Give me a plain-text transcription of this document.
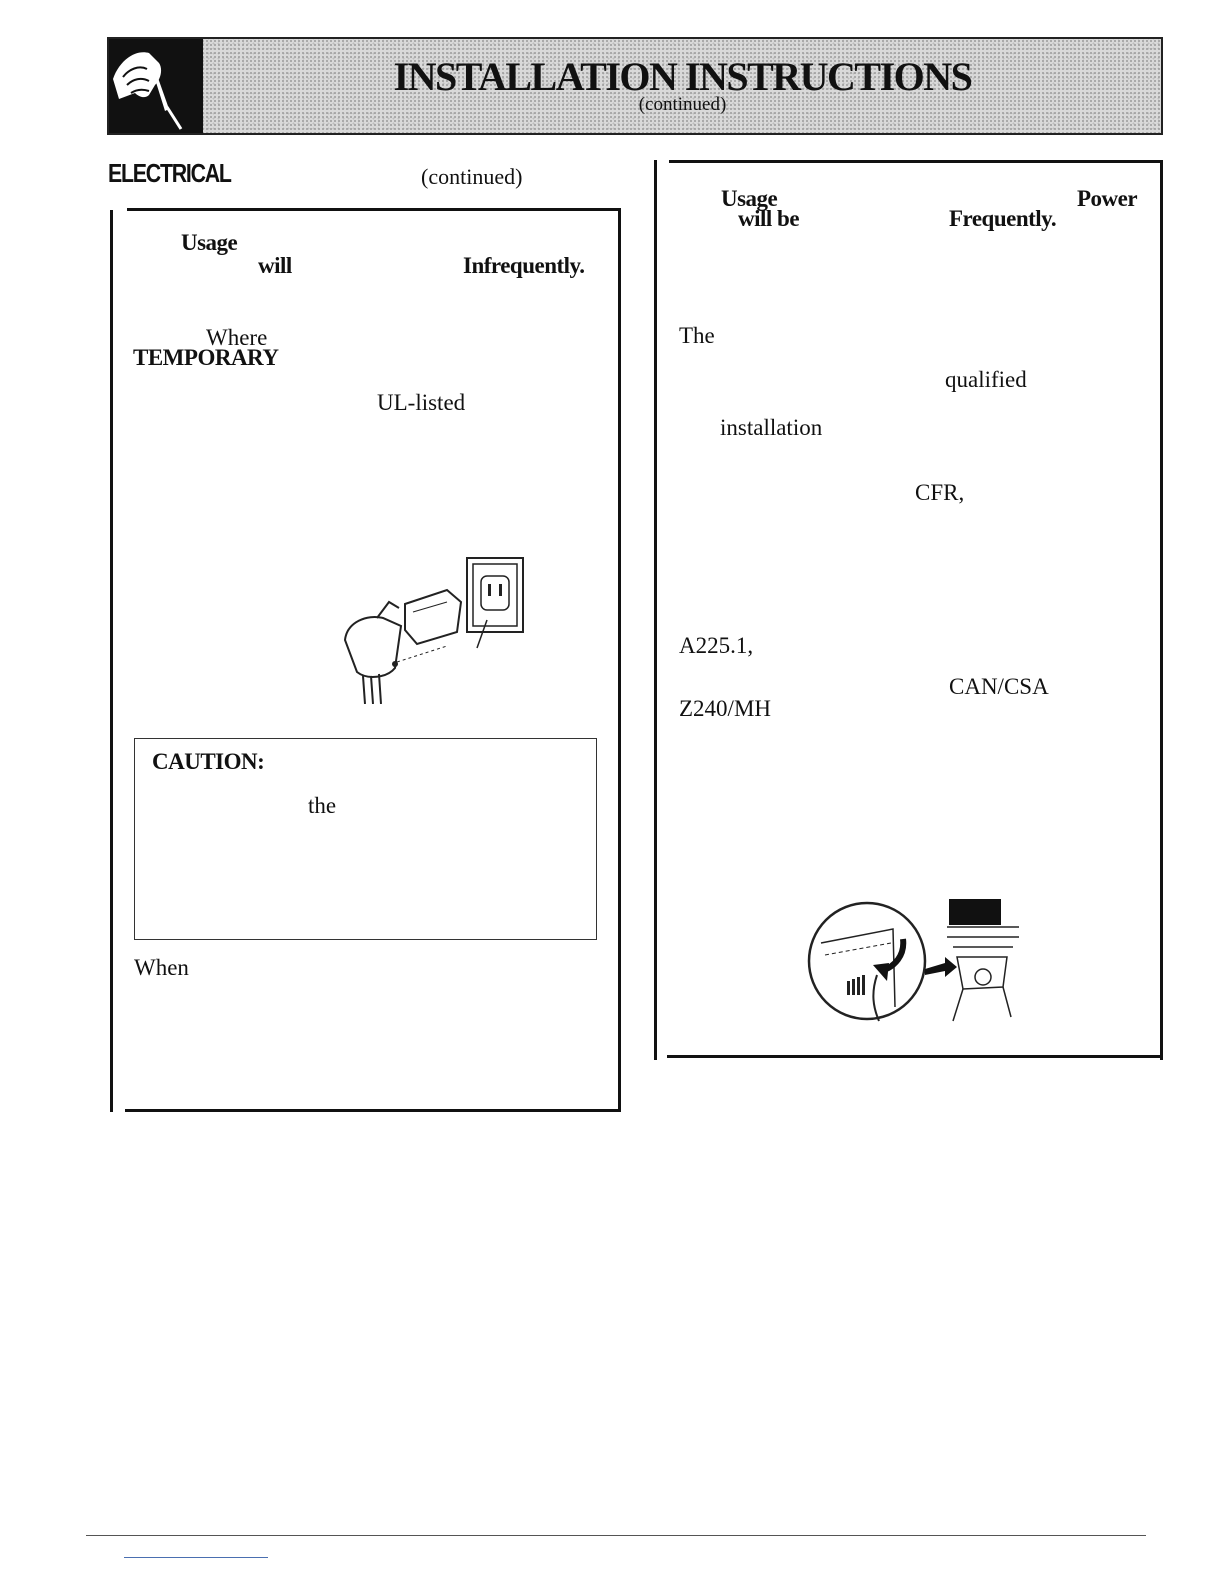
INSTALLATION INSTRUCTIONS
(continued)
ELECTRICAL	(continued)
Usage
will	Infrequently.
Where
TEMPORARY
UL-listed
CAUTION:
the
When
Usage	Power
will be	Frequently.
The
qualified
installation
CFR,
A225.1,
CAN/CSA
Z240/MH
